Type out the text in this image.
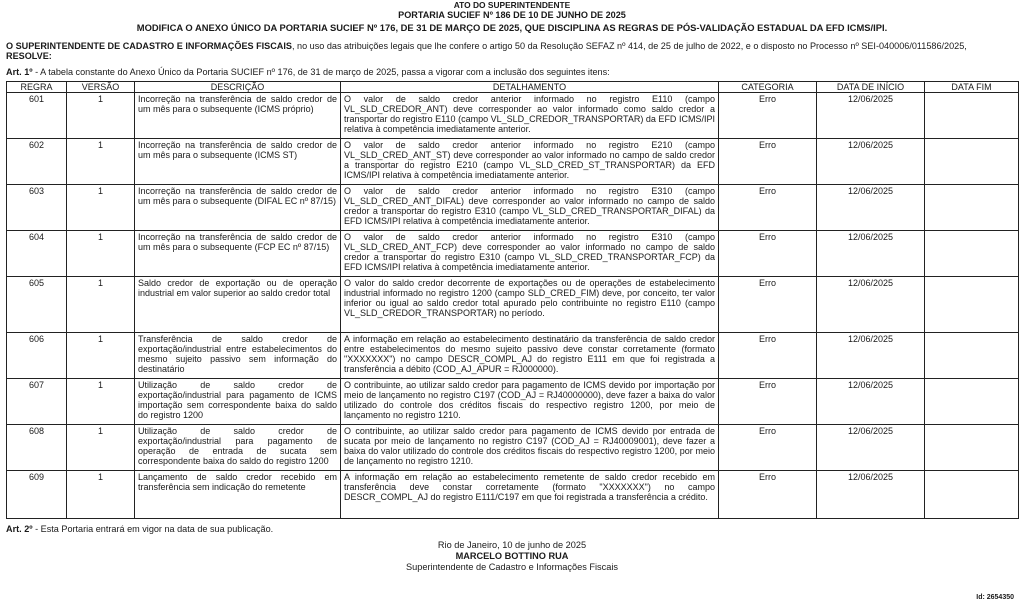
ATO DO SUPERINTENDENTE
PORTARIA SUCIEF Nº 186 DE 10 DE JUNHO DE 2025
MODIFICA O ANEXO ÚNICO DA PORTARIA SUCIEF Nº 176, DE 31 DE MARÇO DE 2025, QUE DISCIPLINA AS REGRAS DE PÓS-VALIDAÇÃO ESTADUAL DA EFD ICMS/IPI.
O SUPERINTENDENTE DE CADASTRO E INFORMAÇÕES FISCAIS, no uso das atribuições legais que lhe confere o artigo 50 da Resolução SEFAZ nº 414, de 25 de julho de 2022, e o disposto no Processo nº SEI-040006/011586/2025,
RESOLVE:
Art. 1º - A tabela constante do Anexo Único da Portaria SUCIEF nº 176, de 31 de março de 2025, passa a vigorar com a inclusão dos seguintes itens:
REGRA	VERSÃO	DESCRIÇÃO	DETALHAMENTO	CATEGORIA	DATA DE INÍCIO	DATA FIM
601	1	Incorreção na transferência de saldo credor de um mês para o subsequente (ICMS próprio)	O valor de saldo credor anterior informado no registro E110 (campo VL_SLD_CREDOR_ANT) deve corresponder ao valor informado como saldo credor a transportar do registro E110 (campo VL_SLD_CREDOR_TRANSPORTAR) da EFD ICMS/IPI relativa à competência imediatamente anterior.	Erro	12/06/2025	
602	1	Incorreção na transferência de saldo credor de um mês para o subsequente (ICMS ST)	O valor de saldo credor anterior informado no registro E210 (campo VL_SLD_CRED_ANT_ST) deve corresponder ao valor informado no campo de saldo credor a transportar do registro E210 (campo VL_SLD_CRED_ST_TRANSPORTAR) da EFD ICMS/IPI relativa à competência imediatamente anterior.	Erro	12/06/2025	
603	1	Incorreção na transferência de saldo credor de um mês para o subsequente (DIFAL EC nº 87/15)	O valor de saldo credor anterior informado no registro E310 (campo VL_SLD_CRED_ANT_DIFAL) deve corresponder ao valor informado no campo de saldo credor a transportar do registro E310 (campo VL_SLD_CRED_TRANSPORTAR_DIFAL) da EFD ICMS/IPI relativa à competência imediatamente anterior.	Erro	12/06/2025	
604	1	Incorreção na transferência de saldo credor de um mês para o subsequente (FCP EC nº 87/15)	O valor de saldo credor anterior informado no registro E310 (campo VL_SLD_CRED_ANT_FCP) deve corresponder ao valor informado no campo de saldo credor a transportar do registro E310 (campo VL_SLD_CRED_TRANSPORTAR_FCP) da EFD ICMS/IPI relativa à competência imediatamente anterior.	Erro	12/06/2025	
605	1	Saldo credor de exportação ou de operação industrial em valor superior ao saldo credor total	O valor do saldo credor decorrente de exportações ou de operações de estabelecimento industrial informado no registro 1200 (campo SLD_CRED_FIM) deve, por conceito, ter valor inferior ou igual ao saldo credor total apurado pelo contribuinte no registro E110 (campo VL_SLD_CREDOR_TRANSPORTAR) no período.	Erro	12/06/2025	
606	1	Transferência de saldo credor de exportação/industrial entre estabelecimentos do mesmo sujeito passivo sem informação do destinatário	A informação em relação ao estabelecimento destinatário da transferência de saldo credor entre estabelecimentos do mesmo sujeito passivo deve constar corretamente (formato "XXXXXXX") no campo DESCR_COMPL_AJ do registro E111 em que foi registrada a transferência a débito (COD_AJ_APUR = RJ000000).	Erro	12/06/2025	
607	1	Utilização de saldo credor de exportação/industrial para pagamento de ICMS importação sem correspondente baixa do saldo do registro 1200	O contribuinte, ao utilizar saldo credor para pagamento de ICMS devido por importação por meio de lançamento no registro C197 (COD_AJ = RJ40000000), deve fazer a baixa do valor utilizado do controle dos créditos fiscais do respectivo registro 1200, por meio de lançamento no registro 1210.	Erro	12/06/2025	
608	1	Utilização de saldo credor de exportação/industrial para pagamento de operação de entrada de sucata sem correspondente baixa do saldo do registro 1200	O contribuinte, ao utilizar saldo credor para pagamento de ICMS devido por entrada de sucata por meio de lançamento no registro C197 (COD_AJ = RJ40009001), deve fazer a baixa do valor utilizado do controle dos créditos fiscais do respectivo registro 1200, por meio de lançamento no registro 1210.	Erro	12/06/2025	
609	1	Lançamento de saldo credor recebido em transferência sem indicação do remetente	A informação em relação ao estabelecimento remetente de saldo credor recebido em transferência deve constar corretamente (formato "XXXXXXX") no campo DESCR_COMPL_AJ do registro E111/C197 em que foi registrada a transferência a crédito.	Erro	12/06/2025	
Art. 2º - Esta Portaria entrará em vigor na data de sua publicação.
Rio de Janeiro, 10 de junho de 2025
MARCELO BOTTINO RUA
Superintendente de Cadastro e Informações Fiscais
Id: 2654350
